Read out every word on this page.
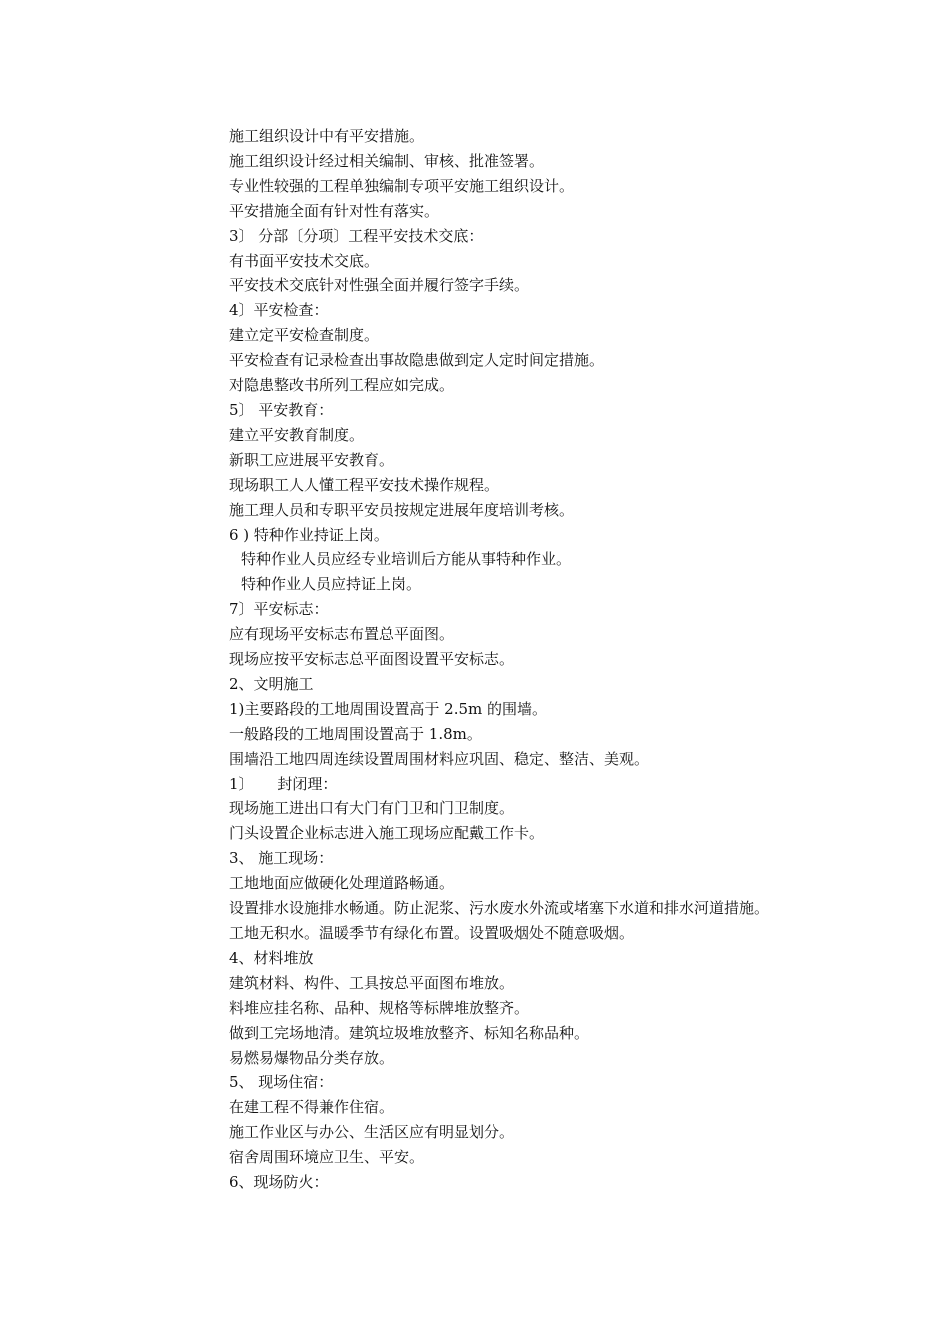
施工组织设计中有平安措施。

施工组织设计经过相关编制、审核、批准签署。

专业性较强的工程单独编制专项平安施工组织设计。

平安措施全面有针对性有落实。

3〕 分部〔分项〕工程平安技术交底：

有书面平安技术交底。

平安技术交底针对性强全面并履行签字手续。

4〕平安检查：

建立定平安检查制度。

平安检查有记录检查出事故隐患做到定人定时间定措施。

对隐患整改书所列工程应如完成。

5〕 平安教育：

建立平安教育制度。

新职工应进展平安教育。

现场职工人人懂工程平安技术操作规程。

施工理人员和专职平安员按规定进展年度培训考核。

6 ) 特种作业持证上岗。

特种作业人员应经专业培训后方能从事特种作业。

特种作业人员应持证上岗。

7〕平安标志：

应有现场平安标志布置总平面图。

现场应按平安标志总平面图设置平安标志。

2、文明施工

1)主要路段的工地周围设置高于 2.5m 的围墙。

一般路段的工地周围设置高于 1.8m。

围墙沿工地四周连续设置周围材料应巩固、稳定、整洁、美观。

1〕     封闭理：

现场施工进出口有大门有门卫和门卫制度。

门头设置企业标志进入施工现场应配戴工作卡。

3、 施工现场：

工地地面应做硬化处理道路畅通。

设置排水设施排水畅通。防止泥浆、污水废水外流或堵塞下水道和排水河道措施。

工地无积水。温暖季节有绿化布置。设置吸烟处不随意吸烟。

4、材料堆放

建筑材料、构件、工具按总平面图布堆放。

料堆应挂名称、品种、规格等标牌堆放整齐。

做到工完场地清。建筑垃圾堆放整齐、标知名称品种。

易燃易爆物品分类存放。

5、 现场住宿：

在建工程不得兼作住宿。

施工作业区与办公、生活区应有明显划分。

宿舍周围环境应卫生、平安。

6、现场防火：
